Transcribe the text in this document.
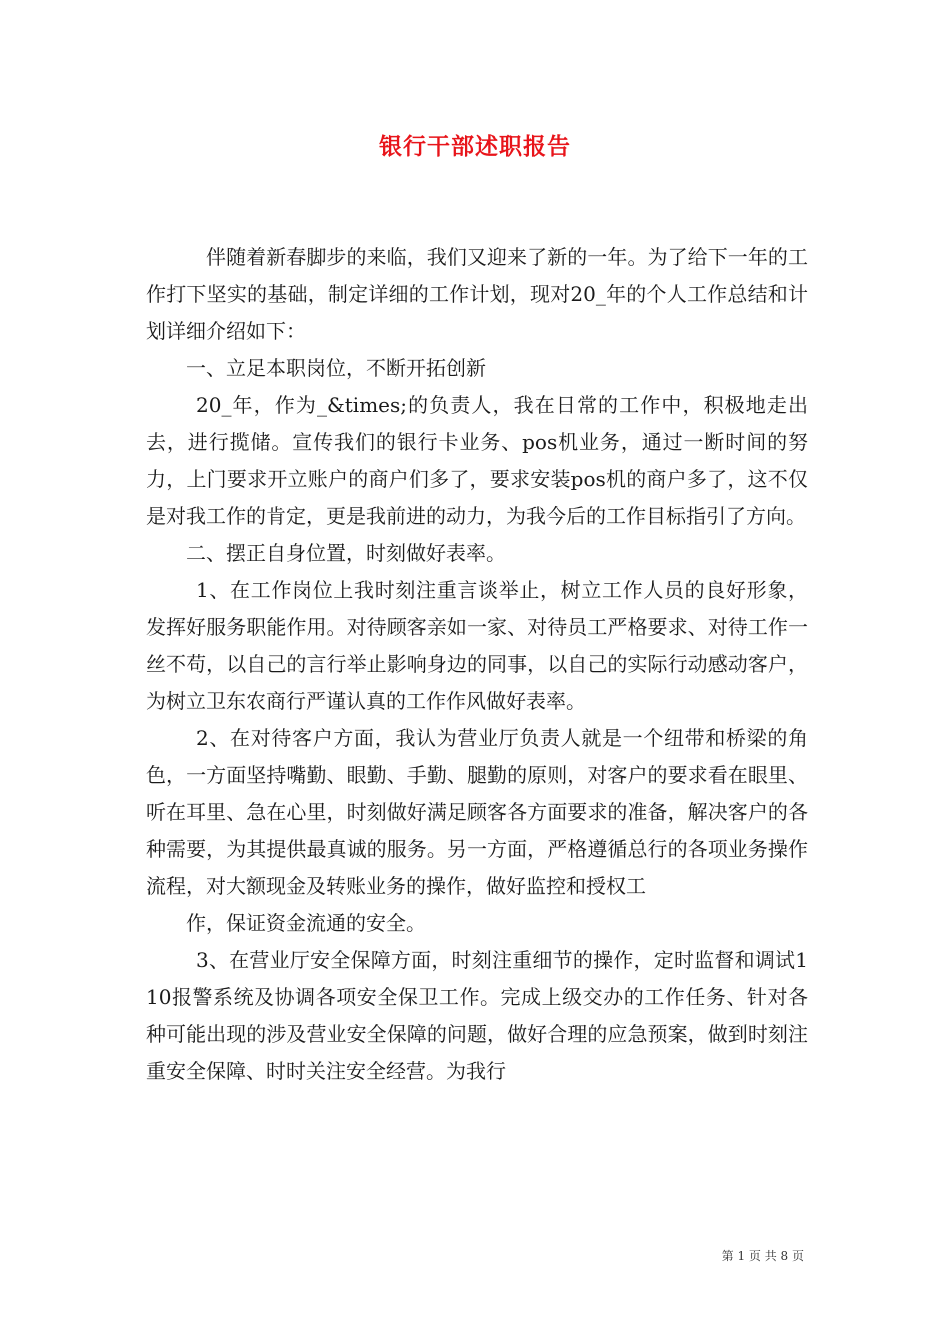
银行干部述职报告

伴随着新春脚步的来临，我们又迎来了新的一年。为了给下一年的工作打下坚实的基础，制定详细的工作计划，现对20_年的个人工作总结和计划详细介绍如下：

一、立足本职岗位，不断开拓创新

20_年，作为_&times;的负责人，我在日常的工作中，积极地走出去，进行揽储。宣传我们的银行卡业务、pos机业务，通过一断时间的努力，上门要求开立账户的商户们多了，要求安装pos机的商户多了，这不仅是对我工作的肯定，更是我前进的动力，为我今后的工作目标指引了方向。

二、摆正自身位置，时刻做好表率。

1、在工作岗位上我时刻注重言谈举止，树立工作人员的良好形象，发挥好服务职能作用。对待顾客亲如一家、对待员工严格要求、对待工作一丝不苟，以自己的言行举止影响身边的同事，以自己的实际行动感动客户，为树立卫东农商行严谨认真的工作作风做好表率。

2、在对待客户方面，我认为营业厅负责人就是一个纽带和桥梁的角色，一方面坚持嘴勤、眼勤、手勤、腿勤的原则，对客户的要求看在眼里、听在耳里、急在心里，时刻做好满足顾客各方面要求的准备，解决客户的各种需要，为其提供最真诚的服务。另一方面，严格遵循总行的各项业务操作流程，对大额现金及转账业务的操作，做好监控和授权工

作，保证资金流通的安全。

3、在营业厅安全保障方面，时刻注重细节的操作，定时监督和调试110报警系统及协调各项安全保卫工作。完成上级交办的工作任务、针对各种可能出现的涉及营业安全保障的问题，做好合理的应急预案，做到时刻注重安全保障、时时关注安全经营。为我行

第 1 页 共 8 页
